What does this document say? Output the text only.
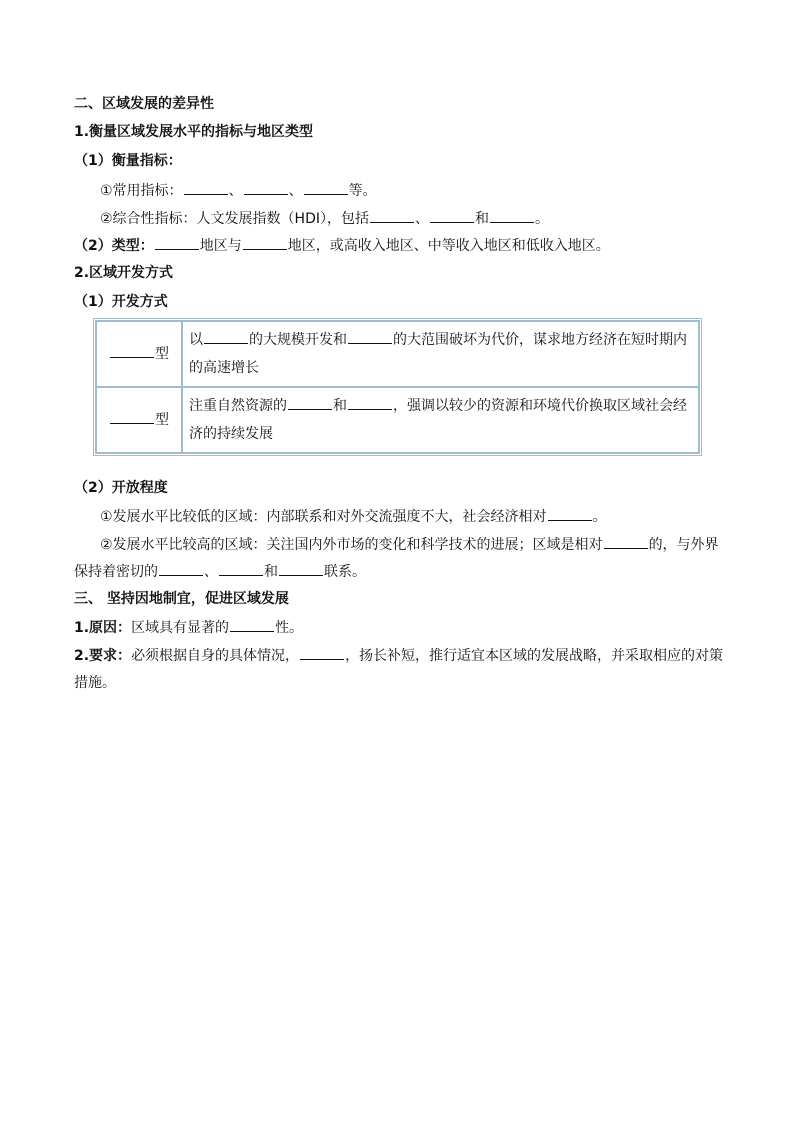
二、区域发展的差异性
1.衡量区域发展水平的指标与地区类型
（1）衡量指标：
①常用指标：	、	、	等。
②综合性指标：人文发展指数（HDI），包括	、	和	。
（2）类型：	地区与	地区，或高收入地区、中等收入地区和低收入地区。
2.区域开发方式
（1）开发方式
型	以 的大规模开发和 的大范围破坏为代价，谋求地方经济在短时期内的高速增长
型	注重自然资源的 和 ，强调以较少的资源和环境代价换取区域社会经济的持续发展
（2）开放程度
①发展水平比较低的区域：内部联系和对外交流强度不大，社会经济相对	。
②发展水平比较高的区域：关注国内外市场的变化和科学技术的进展；区域是相对	的，与外界
保持着密切的	、	和	联系。
三、 坚持因地制宜，促进区域发展
1.原因：区域具有显著的	性。
2.要求：必须根据自身的具体情况，	，扬长补短，推行适宜本区域的发展战略，并采取相应的对策
措施。
